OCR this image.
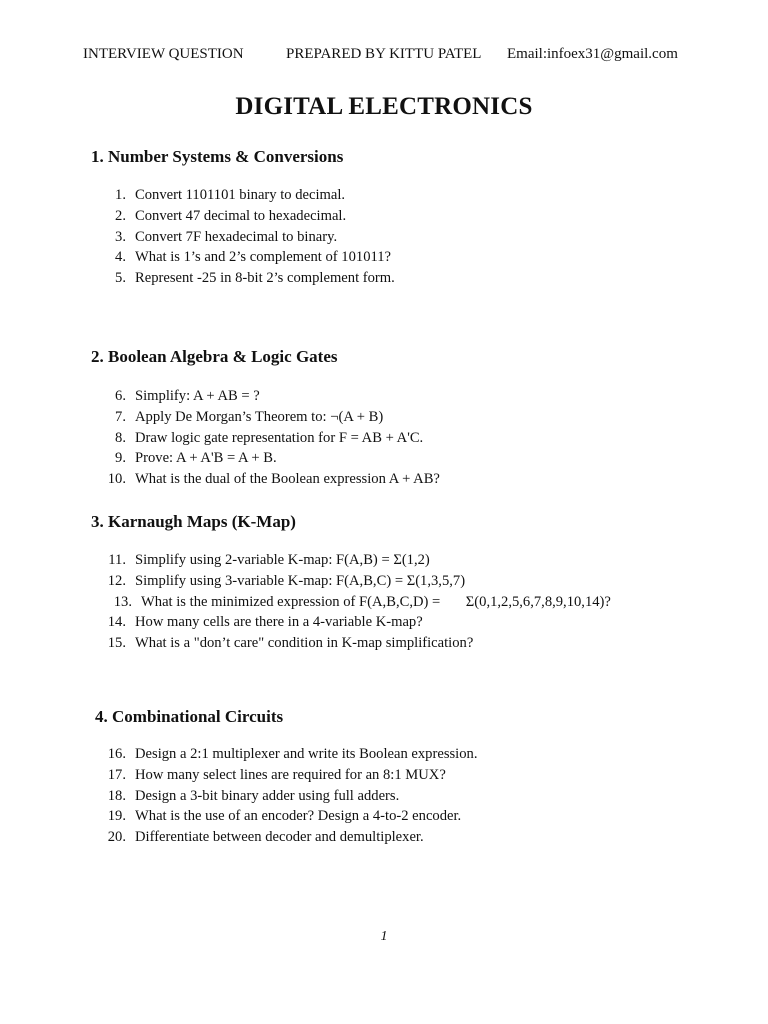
INTERVIEW QUESTION	PREPARED BY KITTU PATEL Email:infoex31@gmail.com
DIGITAL ELECTRONICS
1. Number Systems & Conversions
1. Convert 1101101 binary to decimal.
2. Convert 47 decimal to hexadecimal.
3. Convert 7F hexadecimal to binary.
4. What is 1’s and 2’s complement of 101011?
5. Represent -25 in 8-bit 2’s complement form.
2. Boolean Algebra & Logic Gates
6. Simplify: A + AB = ?
7. Apply De Morgan’s Theorem to: ¬(A + B)
8. Draw logic gate representation for F = AB + A'C.
9. Prove: A + A'B = A + B.
10. What is the dual of the Boolean expression A + AB?
3. Karnaugh Maps (K-Map)
11. Simplify using 2-variable K-map: F(A,B) = Σ(1,2)
12. Simplify using 3-variable K-map: F(A,B,C) = Σ(1,3,5,7)
13. What is the minimized expression of F(A,B,C,D) =       Σ(0,1,2,5,6,7,8,9,10,14)?
14. How many cells are there in a 4-variable K-map?
15. What is a "don’t care" condition in K-map simplification?
4. Combinational Circuits
16. Design a 2:1 multiplexer and write its Boolean expression.
17. How many select lines are required for an 8:1 MUX?
18. Design a 3-bit binary adder using full adders.
19. What is the use of an encoder? Design a 4-to-2 encoder.
20. Differentiate between decoder and demultiplexer.
1
